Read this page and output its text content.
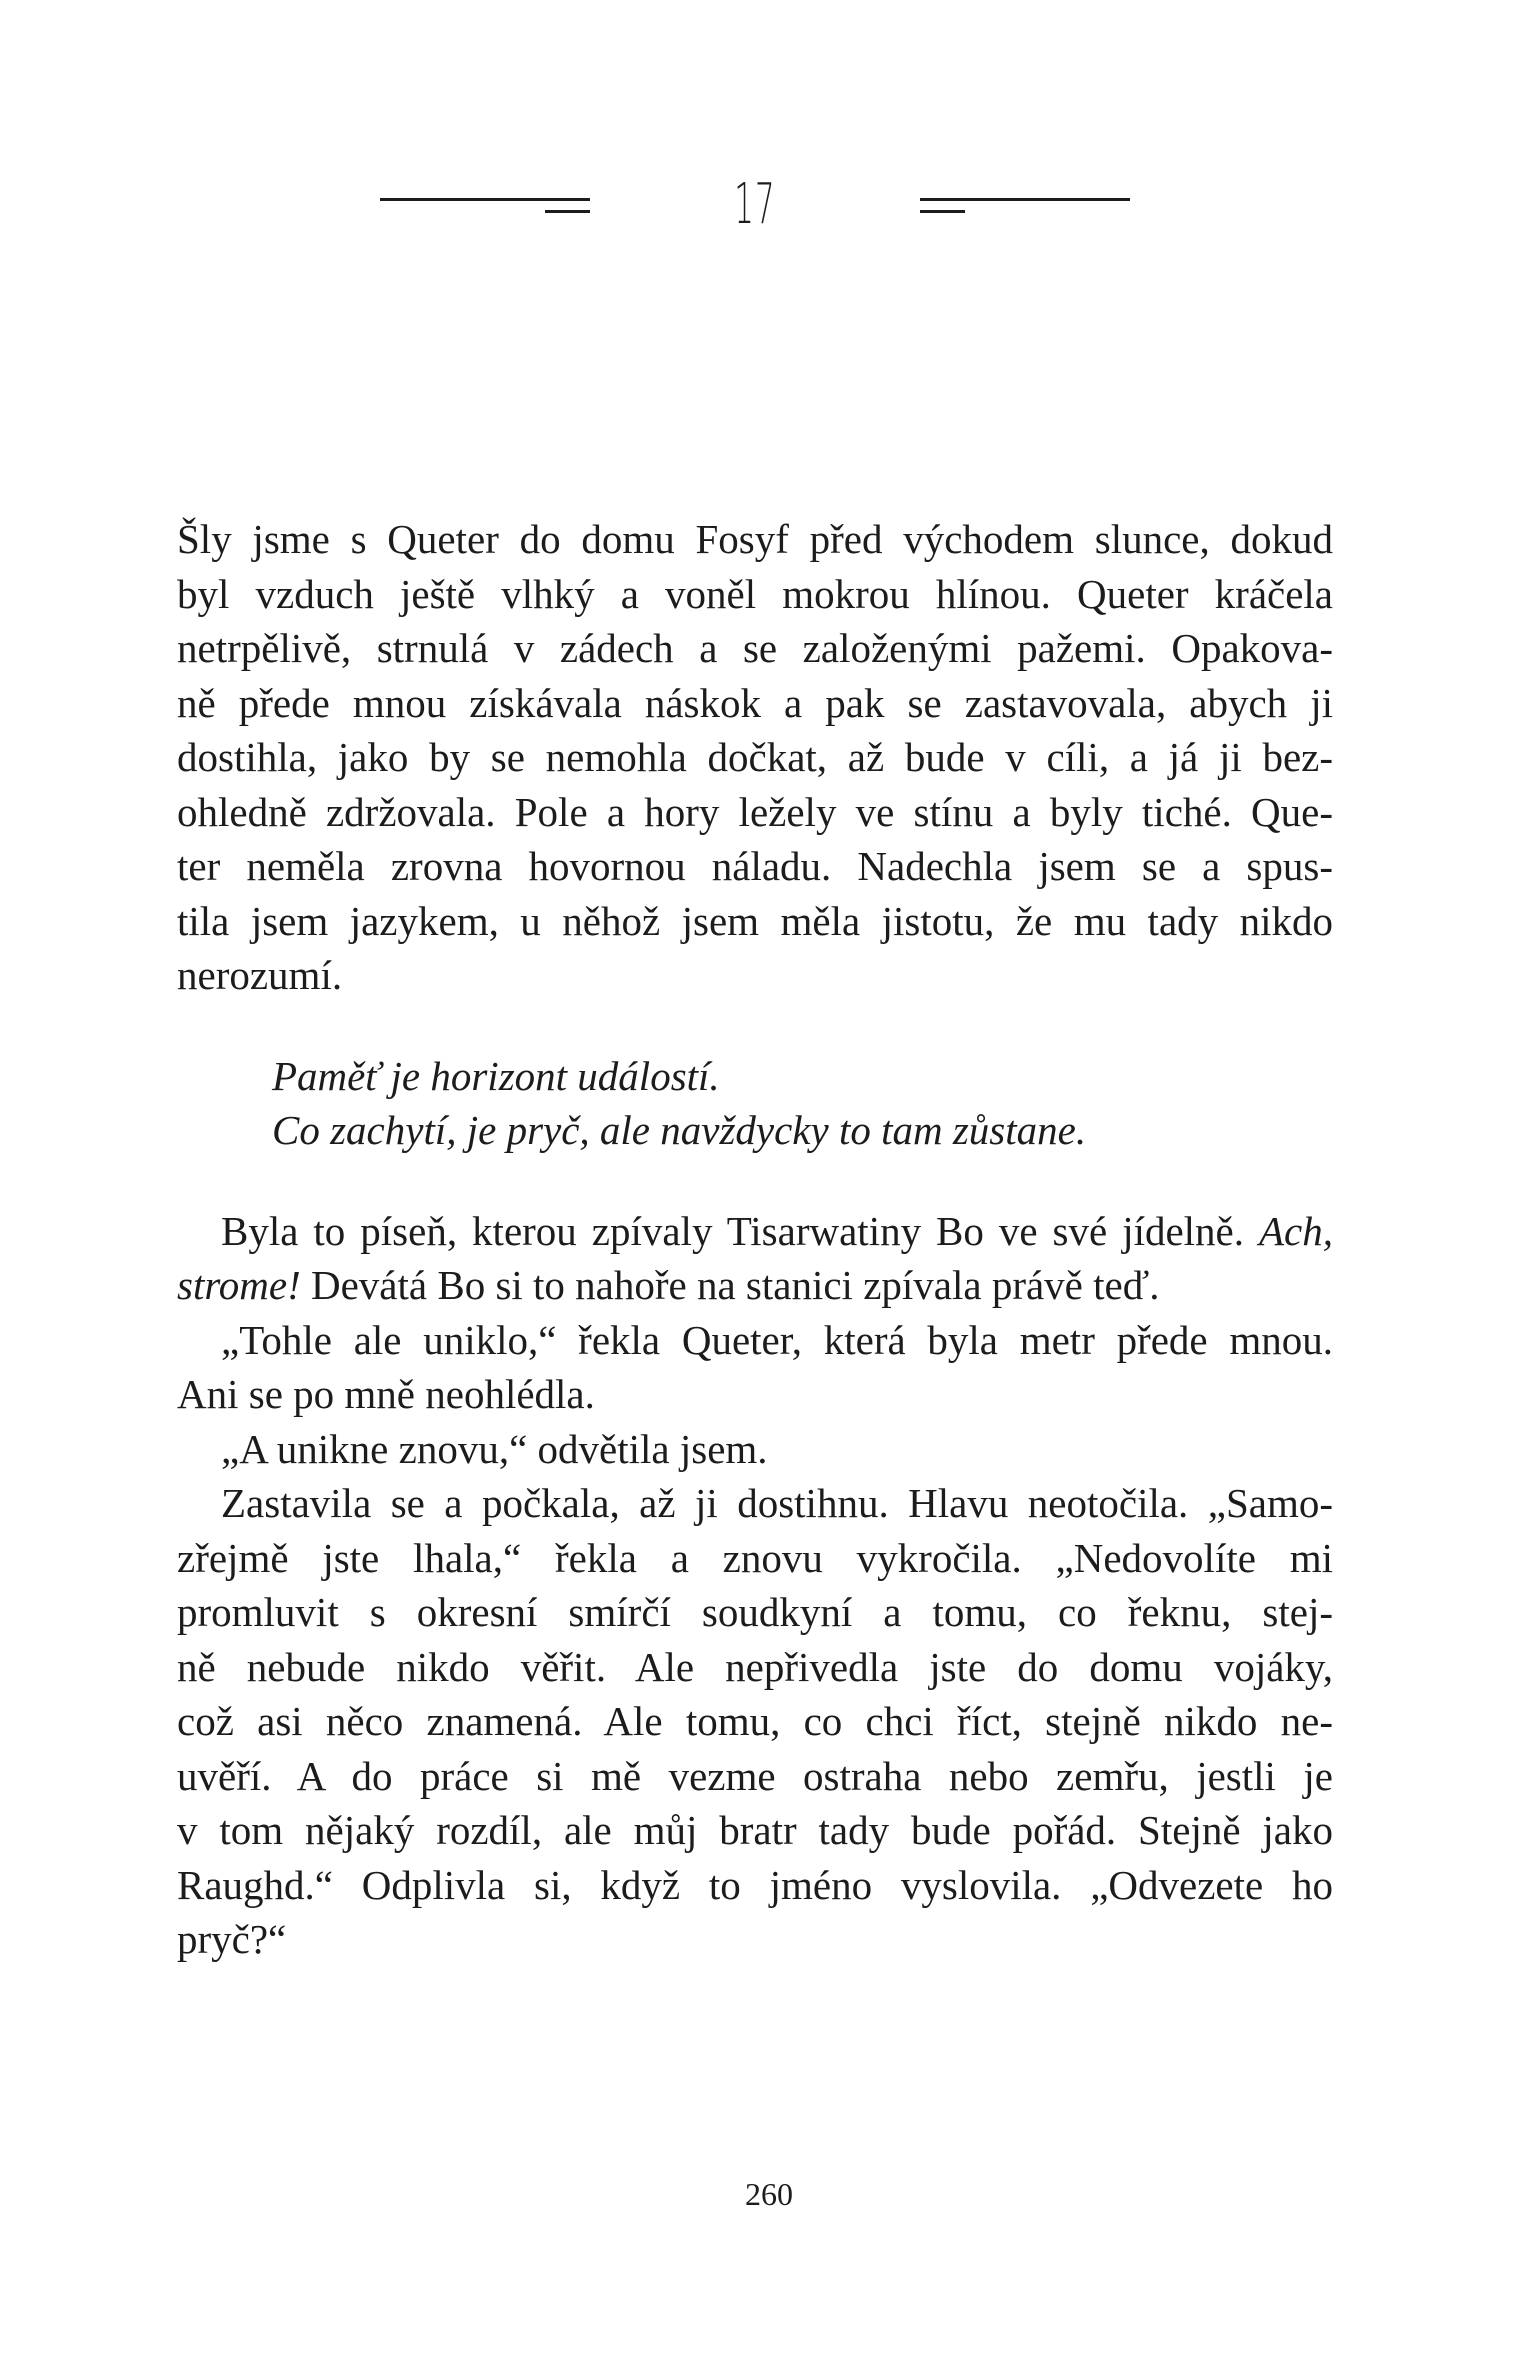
17
Šly jsme s Queter do domu Fosyf před východem slunce, dokud
byl vzduch ještě vlhký a voněl mokrou hlínou. Queter kráčela
netrpělivě, strnulá v zádech a se založenými pažemi. Opakova-
ně přede mnou získávala náskok a pak se zastavovala, abych ji
dostihla, jako by se nemohla dočkat, až bude v cíli, a já ji bez-
ohledně zdržovala. Pole a hory ležely ve stínu a byly tiché. Que-
ter neměla zrovna hovornou náladu. Nadechla jsem se a spus-
tila jsem jazykem, u něhož jsem měla jistotu, že mu tady nikdo
nerozumí.
Paměť je horizont událostí.
Co zachytí, je pryč, ale navždycky to tam zůstane.
Byla to píseň, kterou zpívaly Tisarwatiny Bo ve své jídelně. Ach,
strome! Devátá Bo si to nahoře na stanici zpívala právě teď.
„Tohle ale uniklo,“ řekla Queter, která byla metr přede mnou.
Ani se po mně neohlédla.
„A unikne znovu,“ odvětila jsem.
Zastavila se a počkala, až ji dostihnu. Hlavu neotočila. „Samo-
zřejmě jste lhala,“ řekla a znovu vykročila. „Nedovolíte mi
promluvit s okresní smírčí soudkyní a tomu, co řeknu, stej-
ně nebude nikdo věřit. Ale nepřivedla jste do domu vojáky,
což asi něco znamená. Ale tomu, co chci říct, stejně nikdo ne-
uvěří. A do práce si mě vezme ostraha nebo zemřu, jestli je
v tom nějaký rozdíl, ale můj bratr tady bude pořád. Stejně jako
Raughd.“ Odplivla si, když to jméno vyslovila. „Odvezete ho
pryč?“
260
